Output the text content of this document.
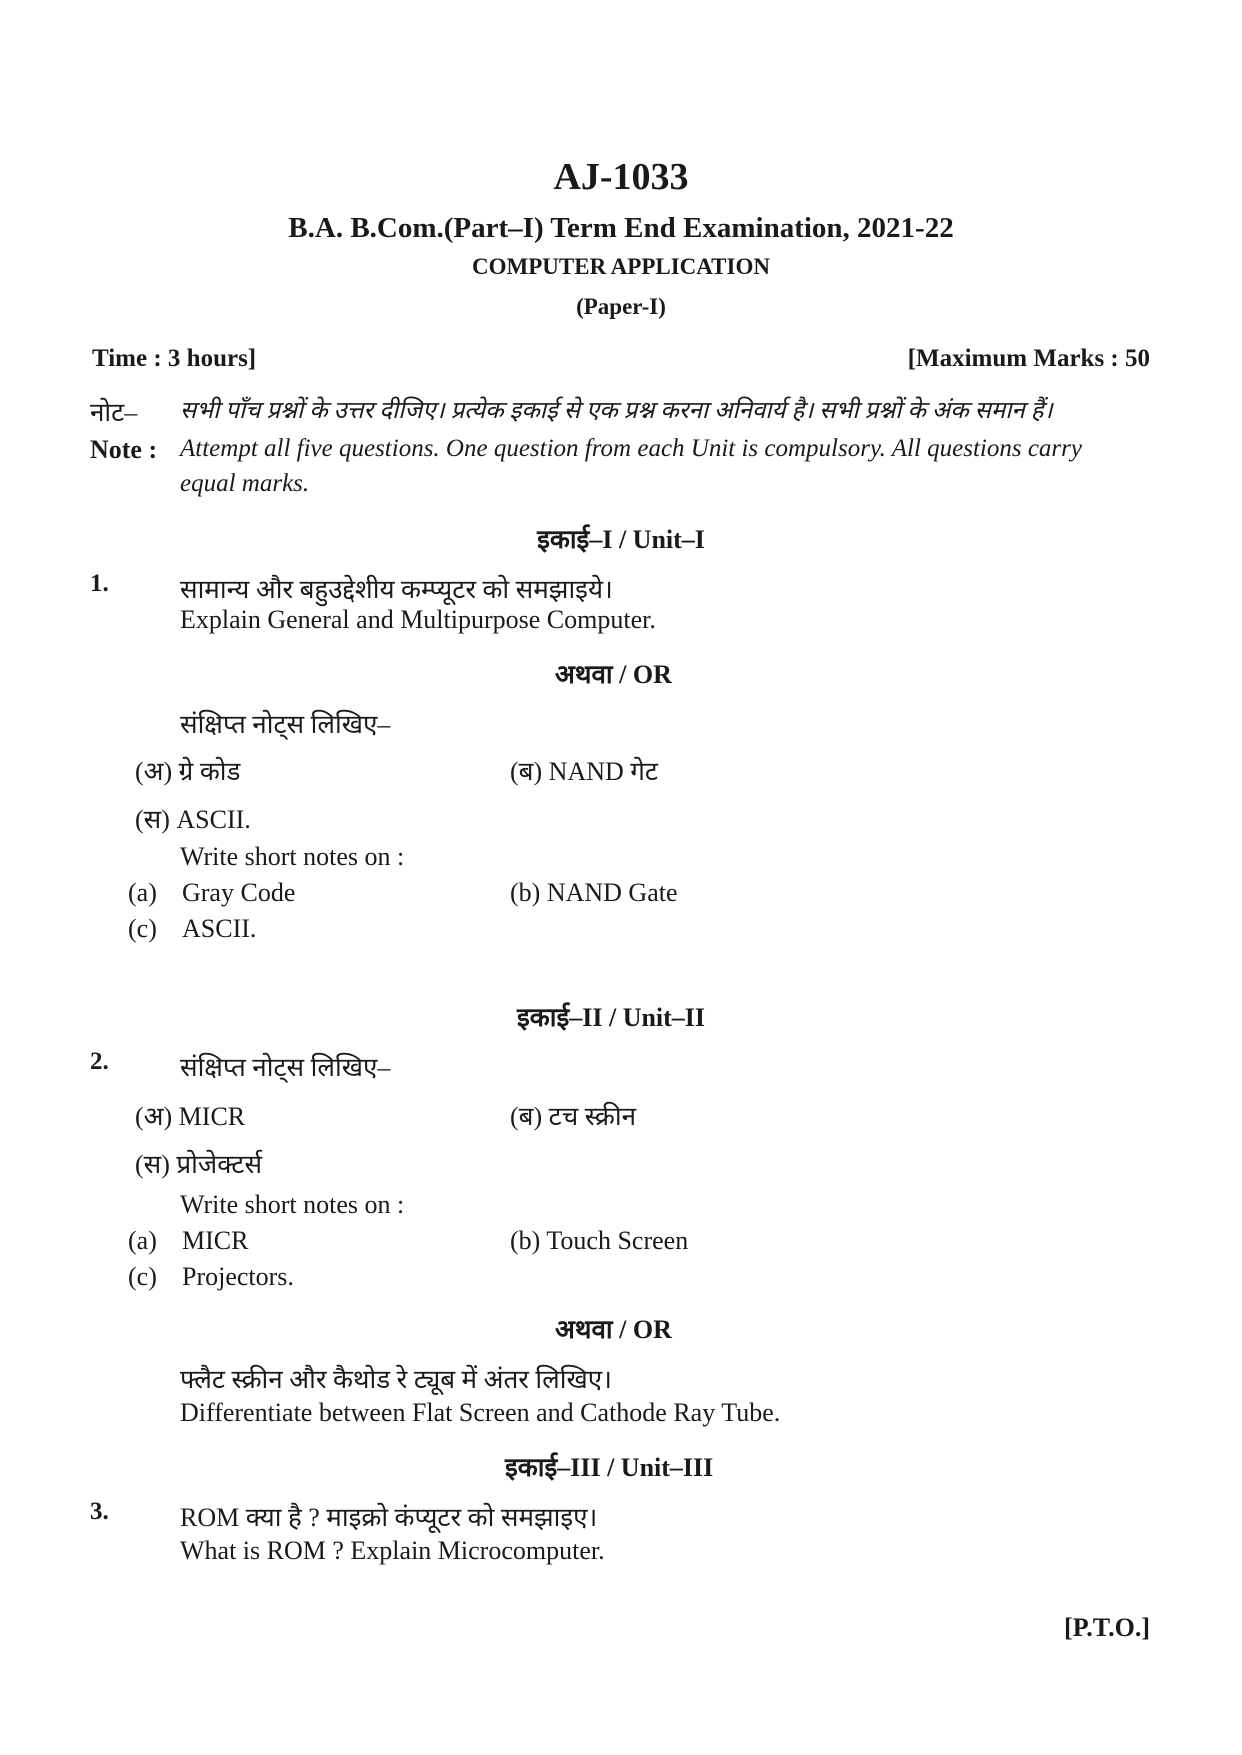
AJ-1033
B.A. B.Com.(Part–I) Term End Examination, 2021-22
COMPUTER APPLICATION
(Paper-I)
Time : 3 hours]	[Maximum Marks : 50
नोट– सभी पाँच प्रश्नों के उत्तर दीजिए। प्रत्येक इकाई से एक प्रश्न करना अनिवार्य है। सभी प्रश्नों के अंक समान हैं।
Note : Attempt all five questions. One question from each Unit is compulsory. All questions carry
equal marks.
इकाई–I / Unit–I
1.	सामान्य और बहुउद्देशीय कम्प्यूटर को समझाइये।
Explain General and Multipurpose Computer.
अथवा / OR
संक्षिप्त नोट्स लिखिए–
(अ) ग्रे कोड	(ब) NAND गेट
(स) ASCII.
Write short notes on :
(a) Gray Code	(b) NAND Gate
(c) ASCII.
इकाई–II / Unit–II
2.	संक्षिप्त नोट्स लिखिए–
(अ) MICR	(ब) टच स्क्रीन
(स) प्रोजेक्टर्स
Write short notes on :
(a) MICR	(b) Touch Screen
(c) Projectors.
अथवा / OR
फ्लैट स्क्रीन और कैथोड रे ट्यूब में अंतर लिखिए।
Differentiate between Flat Screen and Cathode Ray Tube.
इकाई–III / Unit–III
3.	ROM क्या है ? माइक्रो कंप्यूटर को समझाइए।
What is ROM ? Explain Microcomputer.
[P.T.O.]
